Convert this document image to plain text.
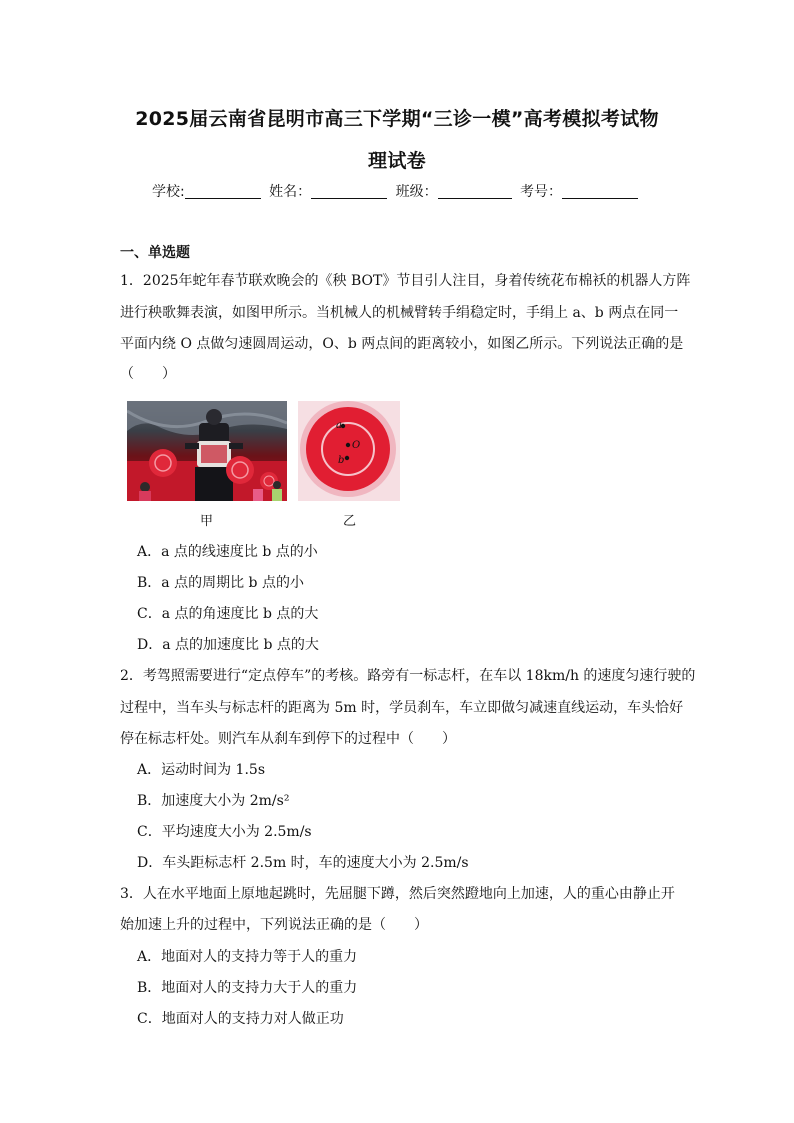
2025届云南省昆明市高三下学期“三诊一模”高考模拟考试物
理试卷
学校:	姓名：	班级：	考号：
一、单选题
1．2025年蛇年春节联欢晚会的《秧 BOT》节目引人注目，身着传统花布棉袄的机器人方阵
进行秧歌舞表演，如图甲所示。当机械人的机械臂转手绢稳定时，手绢上 a、b 两点在同一
平面内绕 O 点做匀速圆周运动，O、b 两点间的距离较小，如图乙所示。下列说法正确的是
（　　）
a
O
b
甲	乙
A．a 点的线速度比 b 点的小
B．a 点的周期比 b 点的小
C．a 点的角速度比 b 点的大
D．a 点的加速度比 b 点的大
2．考驾照需要进行“定点停车”的考核。路旁有一标志杆，在车以 18km/h 的速度匀速行驶的
过程中，当车头与标志杆的距离为 5m 时，学员刹车，车立即做匀减速直线运动，车头恰好
停在标志杆处。则汽车从刹车到停下的过程中（　　）
A．运动时间为 1.5s
B．加速度大小为 2m/s²
C．平均速度大小为 2.5m/s
D．车头距标志杆 2.5m 时，车的速度大小为 2.5m/s
3．人在水平地面上原地起跳时，先屈腿下蹲，然后突然蹬地向上加速，人的重心由静止开
始加速上升的过程中，下列说法正确的是（　　）
A．地面对人的支持力等于人的重力
B．地面对人的支持力大于人的重力
C．地面对人的支持力对人做正功
